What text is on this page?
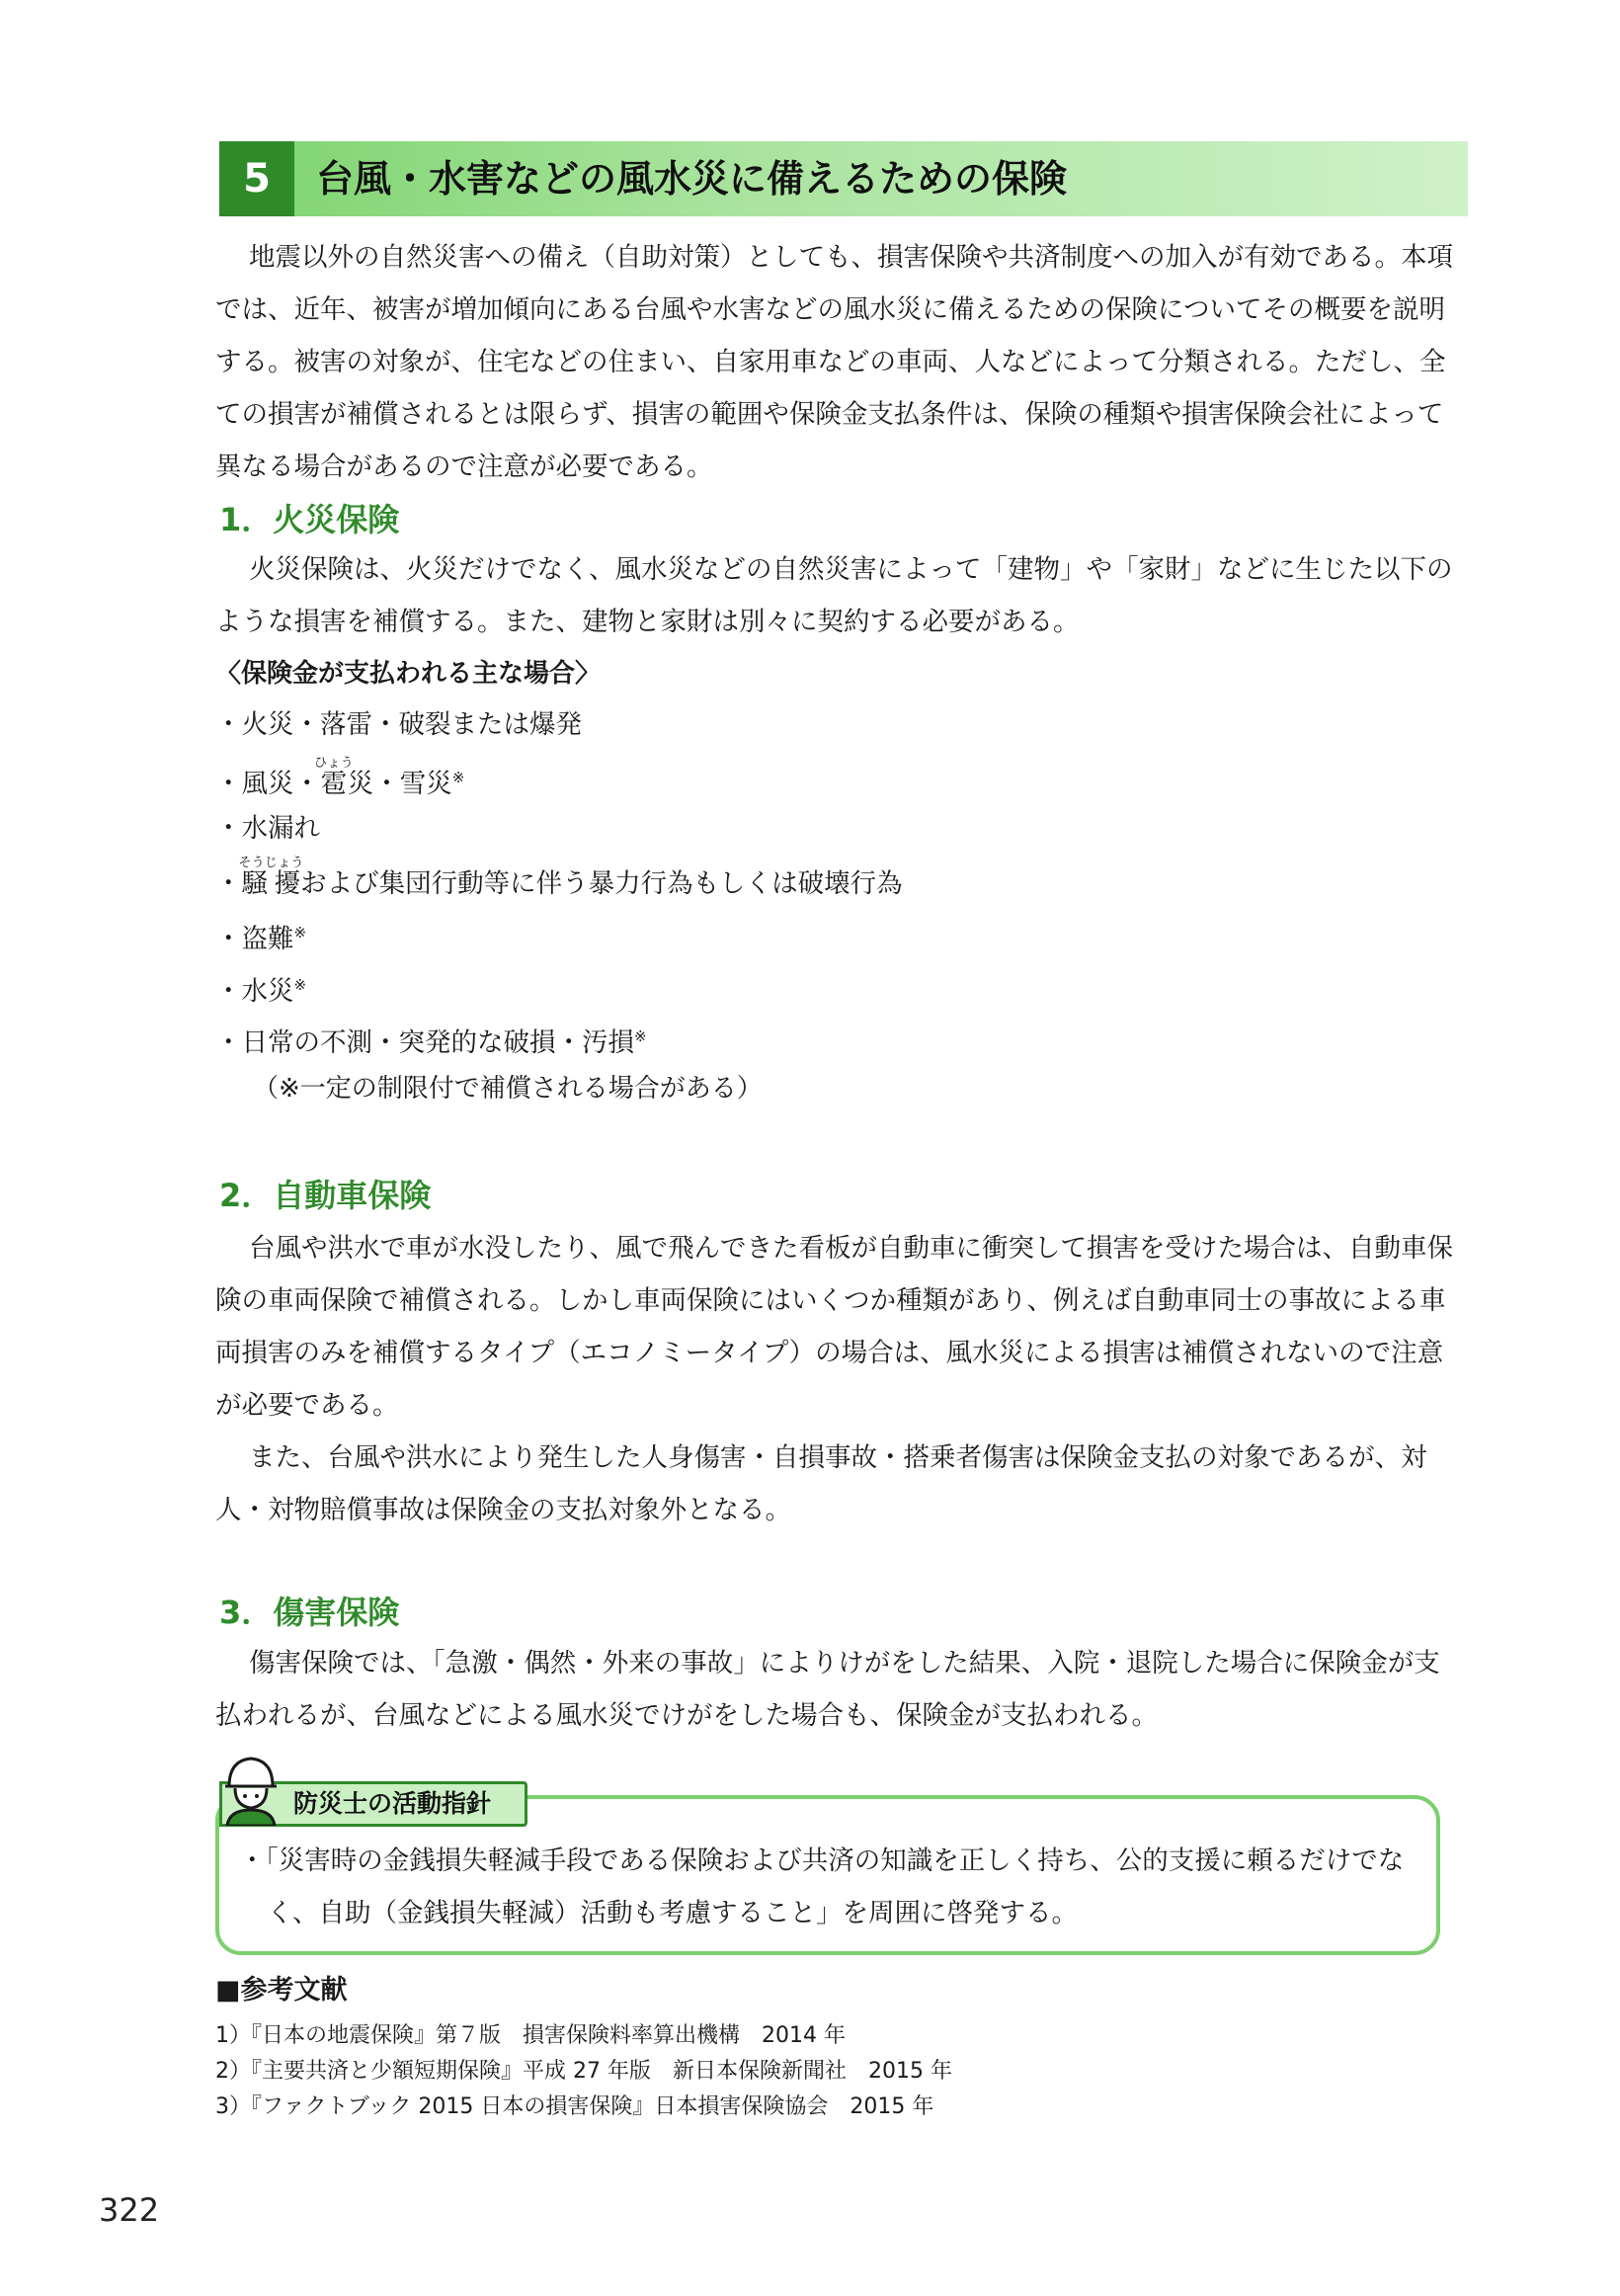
5	台風・水害などの風水災に備えるための保険

地震以外の自然災害への備え（自助対策）としても、損害保険や共済制度への加入が有効である。本項では、近年、被害が増加傾向にある台風や水害などの風水災に備えるための保険についてその概要を説明する。被害の対象が、住宅などの住まい、自家用車などの車両、人などによって分類される。ただし、全ての損害が補償されるとは限らず、損害の範囲や保険金支払条件は、保険の種類や損害保険会社によって異なる場合があるので注意が必要である。

1．火災保険

火災保険は、火災だけでなく、風水災などの自然災害によって「建物」や「家財」などに生じた以下のような損害を補償する。また、建物と家財は別々に契約する必要がある。

〈保険金が支払われる主な場合〉
・ 火災・落雷・破裂または爆発
・ 風災・雹ひょう災・雪災※
・ 水漏れ
・ 騒擾そうじょうおよび集団行動等に伴う暴力行為もしくは破壊行為
・ 盗難※
・ 水災※
・ 日常の不測・突発的な破損・汚損※
（※一定の制限付で補償される場合がある）
2．自動車保険

台風や洪水で車が水没したり、風で飛んできた看板が自動車に衝突して損害を受けた場合は、自動車保険の車両保険で補償される。しかし車両保険にはいくつか種類があり、例えば自動車同士の事故による車両損害のみを補償するタイプ（エコノミータイプ）の場合は、風水災による損害は補償されないので注意が必要である。

また、台風や洪水により発生した人身傷害・自損事故・搭乗者傷害は保険金支払の対象であるが、対人・対物賠償事故は保険金の支払対象外となる。

3．傷害保険

傷害保険では、「急激・偶然・外来の事故」によりけがをした結果、入院・退院した場合に保険金が支払われるが、台風などによる風水災でけがをした場合も、保険金が支払われる。

防災士の活動指針

・「災害時の金銭損失軽減手段である保険および共済の知識を正しく持ち、公的支援に頼るだけでなく、自助（金銭損失軽減）活動も考慮すること」を周囲に啓発する。

■参考文献
1）『日本の地震保険』第７版　損害保険料率算出機構　2014 年
2）『主要共済と少額短期保険』平成 27 年版　新日本保険新聞社　2015 年
3）『ファクトブック 2015 日本の損害保険』日本損害保険協会　2015 年
322
